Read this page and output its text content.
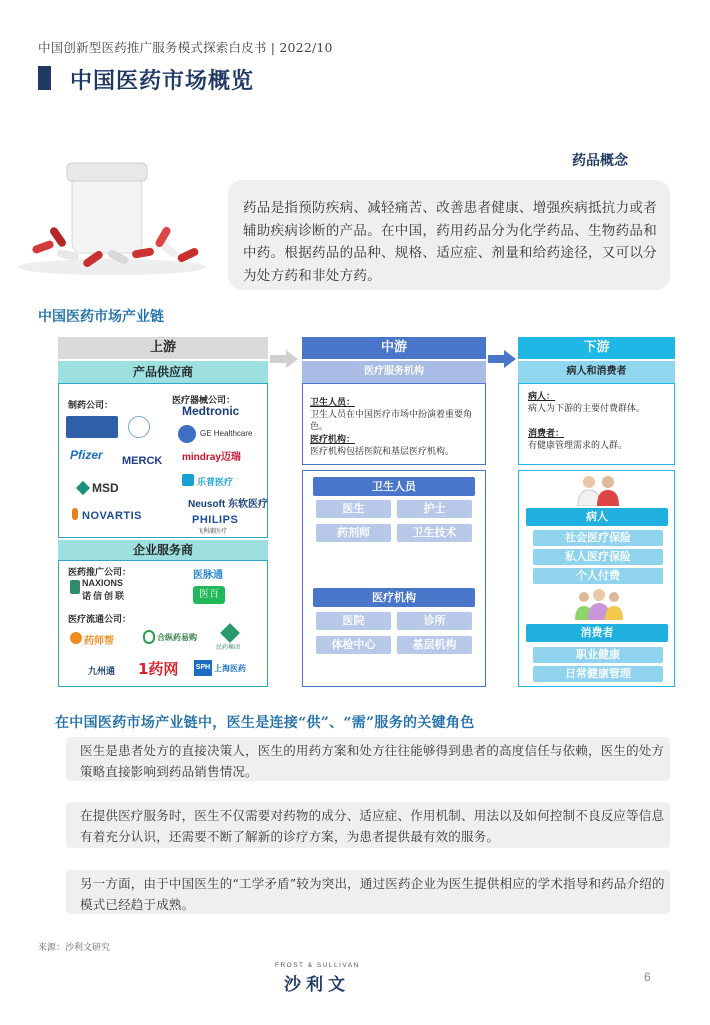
中国创新型医药推广服务模式探索白皮书 | 2022/10
中国医药市场概览
药品概念
药品是指预防疾病、减轻痛苦、改善患者健康、增强疾病抵抗力或者辅助疾病诊断的产品。在中国，药用药品分为化学药品、生物药品和中药。根据药品的品种、规格、适应症、剂量和给药途径，又可以分为处方药和非处方药。
中国医药市场产业链
上游	中游	下游
产品供应商	医疗服务机构	病人和消费者
制药公司：	医疗器械公司：
Pfizer MERCK
MSD
NOVARTIS
Medtronic
GE Healthcare
mindray迈瑞
乐普医疗
Neusoft 东软医疗
PHILIPS
飞利浦医疗
企业服务商
医药推广公司：
NAXIONS
诺信创联
医脉通
医百
医疗流通公司：
药师帮	合纵药易购
民药集团
九州通 1药网 SPH 上海医药
卫生人员：
卫生人员在中国医疗市场中扮演着重要角色。
医疗机构：
医疗机构包括医院和基层医疗机构。
卫生人员
医生	护士
药剂师	卫生技术
医疗机构
医院	诊所
体检中心	基层机构
病人：
病人为下游的主要付费群体。
消费者：
有健康管理需求的人群。
病人
社会医疗保险
私人医疗保险
个人付费
消费者
职业健康
日常健康管理
在中国医药市场产业链中，医生是连接“供”、“需”服务的关键角色
医生是患者处方的直接决策人，医生的用药方案和处方往往能够得到患者的高度信任与依赖，医生的处方策略直接影响到药品销售情况。
在提供医疗服务时，医生不仅需要对药物的成分、适应症、作用机制、用法以及如何控制不良反应等信息有着充分认识，还需要不断了解新的诊疗方案，为患者提供最有效的服务。
另一方面，由于中国医生的“工学矛盾”较为突出，通过医药企业为医生提供相应的学术指导和药品介绍的模式已经趋于成熟。
来源：沙利文研究
FROST & SULLIVAN
沙利文	6
